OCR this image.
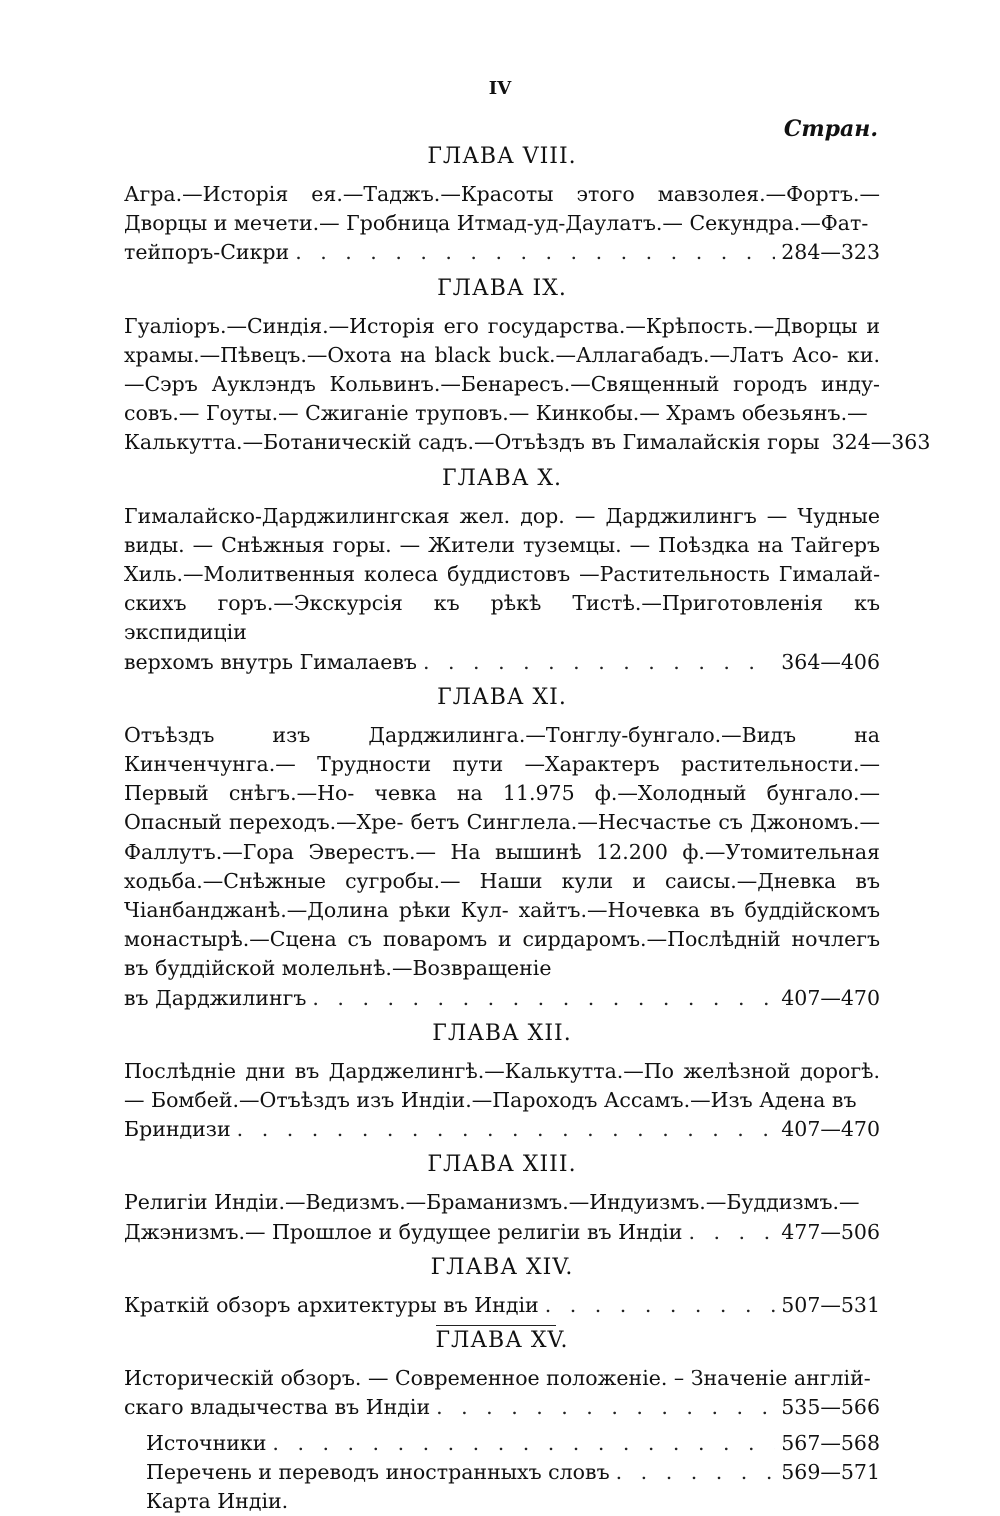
IV
Стран.
ГЛАВА VIII.
Агра.—Исторія ея.—Таджъ.—Красоты этого мавзолея.—Фортъ.— Дворцы и мечети.— Гробница Итмад-уд-Даулатъ.— Секундра.—Фат-
тейпоръ-Сикри . . .	284—323
ГЛАВА IX.
Гуаліоръ.—Синдія.—Исторія его государства.—Крѣпость.—Дворцы и храмы.—Пѣвецъ.—Охота на black buck.—Аллагабадъ.—Латъ Асо- ки.—Сэръ Ауклэндъ Кольвинъ.—Бенаресъ.—Священный городъ инду- совъ.— Гоуты.— Сжиганіе труповъ.— Кинкобы.— Храмъ обезьянъ.—
Калькутта.—Ботаническій садъ.—Отъѣздъ въ Гималайскія горы 324—363
ГЛАВА X.
Гималайско-Дарджилингская жел. дор. — Дарджилингъ — Чудные виды. — Снѣжныя горы. — Жители туземцы. — Поѣздка на Тайгеръ Хиль.—Молитвенныя колеса буддистовъ —Растительность Гималай- скихъ горъ.—Экскурсія къ рѣкѣ Тистѣ.—Приготовленія къ экспидиціи
верхомъ внутрь Гималаевъ . . .	364—406
ГЛАВА XI.
Отъѣздъ изъ Дарджилинга.—Тонглу-бунгало.—Видъ на Кинченчунга.— Трудности пути —Характеръ растительности.—Первый снѣгъ.—Но- чевка на 11.975 ф.—Холодный бунгало.—Опасный переходъ.—Хре- бетъ Синглела.—Несчастье съ Джономъ.—Фаллутъ.—Гора Эверестъ.— На вышинѣ 12.200 ф.—Утомительная ходьба.—Снѣжные сугробы.— Наши кули и саисы.—Дневка въ Чіанбанджанѣ.—Долина рѣки Кул- хайтъ.—Ночевка въ буддійскомъ монастырѣ.—Сцена съ поваромъ и сирдаромъ.—Послѣдній ночлегъ въ буддійской молельнѣ.—Возвращеніе
въ Дарджилингъ . . .	407—470
ГЛАВА XII.
Послѣдніе дни въ Дарджелингѣ.—Калькутта.—По желѣзной дорогѣ.— Бомбей.—Отъѣздъ изъ Индіи.—Пароходъ Ассамъ.—Изъ Адена въ
Бриндизи . . .	407—470
ГЛАВА XIII.
Религіи Индіи.—Ведизмъ.—Браманизмъ.—Индуизмъ.—Буддизмъ.—
Джэнизмъ.— Прошлое и будущее религіи въ Индіи . . .	477—506
ГЛАВА XIV.
Краткій обзоръ архитектуры въ Индіи . . .	507—531
ГЛАВА XV.
Историческій обзоръ. — Современное положеніе. – Значеніе англій-
скаго владычества въ Индіи . . .	535—566
Источники . . .	567—568
Перечень и переводъ иностранныхъ словъ . . .	569—571
Карта Индіи.
